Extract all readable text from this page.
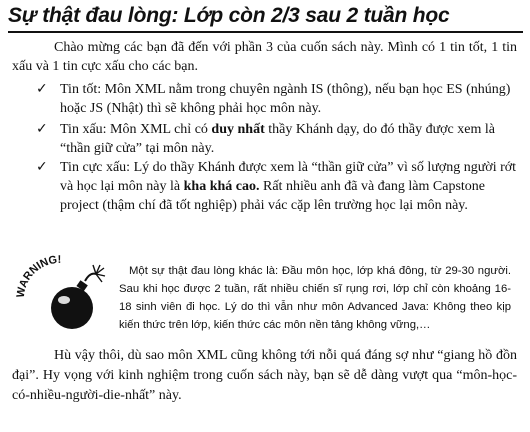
Sự thật đau lòng: Lớp còn 2/3 sau 2 tuần học

Chào mừng các bạn đã đến với phần 3 của cuốn sách này. Mình có 1 tin tốt, 1 tin xấu và 1 tin cực xấu cho các bạn.

✓ Tin tốt: Môn XML nằm trong chuyên ngành IS (thông), nếu bạn học ES (nhúng) hoặc JS (Nhật) thì sẽ không phải học môn này.
✓ Tin xấu: Môn XML chỉ có duy nhất thầy Khánh dạy, do đó thầy được xem là “thần giữ cửa” tại môn này.
✓ Tin cực xấu: Lý do thầy Khánh được xem là “thần giữ cửa” vì số lượng người rớt và học lại môn này là kha khá cao. Rất nhiều anh đã và đang làm Capstone project (thậm chí đã tốt nghiệp) phải vác cặp lên trường học lại môn này.
WARNING!

Một sự thật đau lòng khác là: Đầu môn học, lớp khá đông, từ 29-30 người. Sau khi học được 2 tuần, rất nhiều chiến sĩ rụng rơi, lớp chỉ còn khoảng 16-18 sinh viên đi học. Lý do thì vẫn như môn Advanced Java: Không theo kịp kiến thức trên lớp, kiến thức các môn nền tảng không vững,…

Hù vậy thôi, dù sao môn XML cũng không tới nỗi quá đáng sợ như “giang hồ đồn đại”. Hy vọng với kinh nghiệm trong cuốn sách này, bạn sẽ dễ dàng vượt qua “môn-học-có-nhiều-người-die-nhất” này.
